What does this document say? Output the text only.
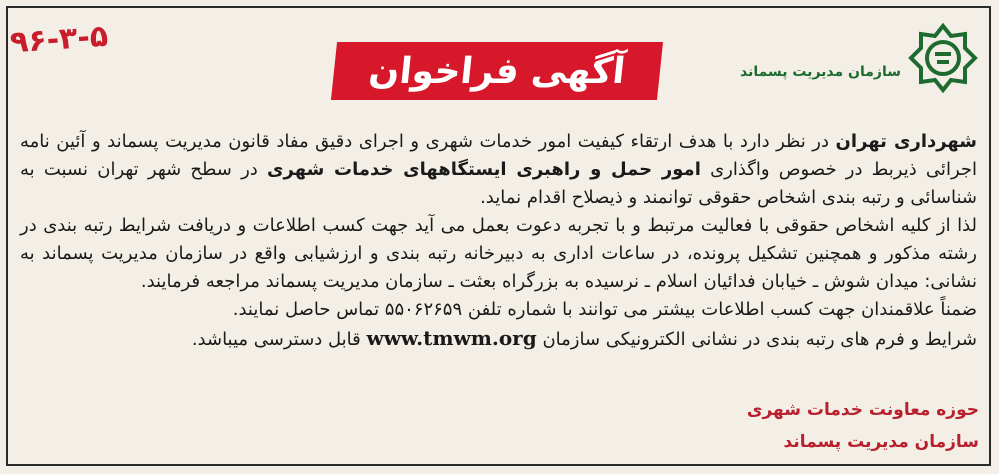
۹۶-۳-۵
آگهی فراخوان	سازمان مدیریت پسماند

شهرداری تهران در نظر دارد با هدف ارتقاء کیفیت امور خدمات شهری و اجرای دقیق مفاد قانون مدیریت پسماند و آئین نامه اجرائی ذیربط در خصوص واگذاری امور حمل و راهبری ایستگاههای خدمات شهری در سطح شهر تهران نسبت به شناسائی و رتبه بندی اشخاص حقوقی توانمند و ذیصلاح اقدام نماید.

لذا از کلیه اشخاص حقوقی با فعالیت مرتبط و با تجربه دعوت بعمل می آید جهت کسب اطلاعات و دریافت شرایط رتبه بندی در رشته مذکور و همچنین تشکیل پرونده، در ساعات اداری به دبیرخانه رتبه بندی و ارزشیابی واقع در سازمان مدیریت پسماند به نشانی: میدان شوش ـ خیابان فدائیان اسلام ـ نرسیده به بزرگراه بعثت ـ سازمان مدیریت پسماند مراجعه فرمایند.

ضمناً علاقمندان جهت کسب اطلاعات بیشتر می توانند با شماره تلفن ۵۵۰۶۲۶۵۹ تماس حاصل نمایند.

شرایط و فرم های رتبه بندی در نشانی الکترونیکی سازمان www.tmwm.org قابل دسترسی میباشد.

حوزه معاونت خدمات شهری
سازمان مدیریت پسماند
